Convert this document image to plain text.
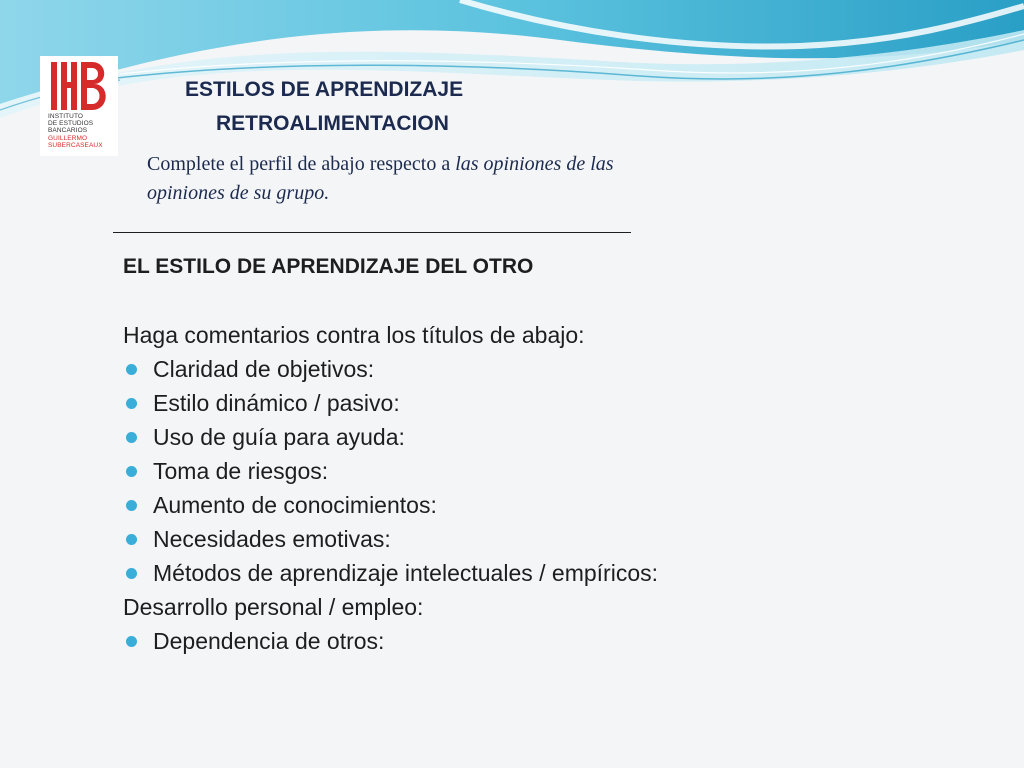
INSTITUTO

DE ESTUDIOS

BANCARIOS

GUILLERMO

SUBERCASEAUX

ESTILOS DE APRENDIZAJE
RETROALIMENTACION

Complete el perfil de abajo respecto a las opiniones de las opiniones de su grupo.

EL ESTILO DE APRENDIZAJE DEL OTRO

Haga comentarios contra los títulos de abajo:

Claridad de objetivos:
Estilo dinámico / pasivo:
Uso de guía para ayuda:
Toma de riesgos:
Aumento de conocimientos:
Necesidades emotivas:
Métodos de aprendizaje intelectuales / empíricos:

Desarrollo personal / empleo:

Dependencia de otros:
